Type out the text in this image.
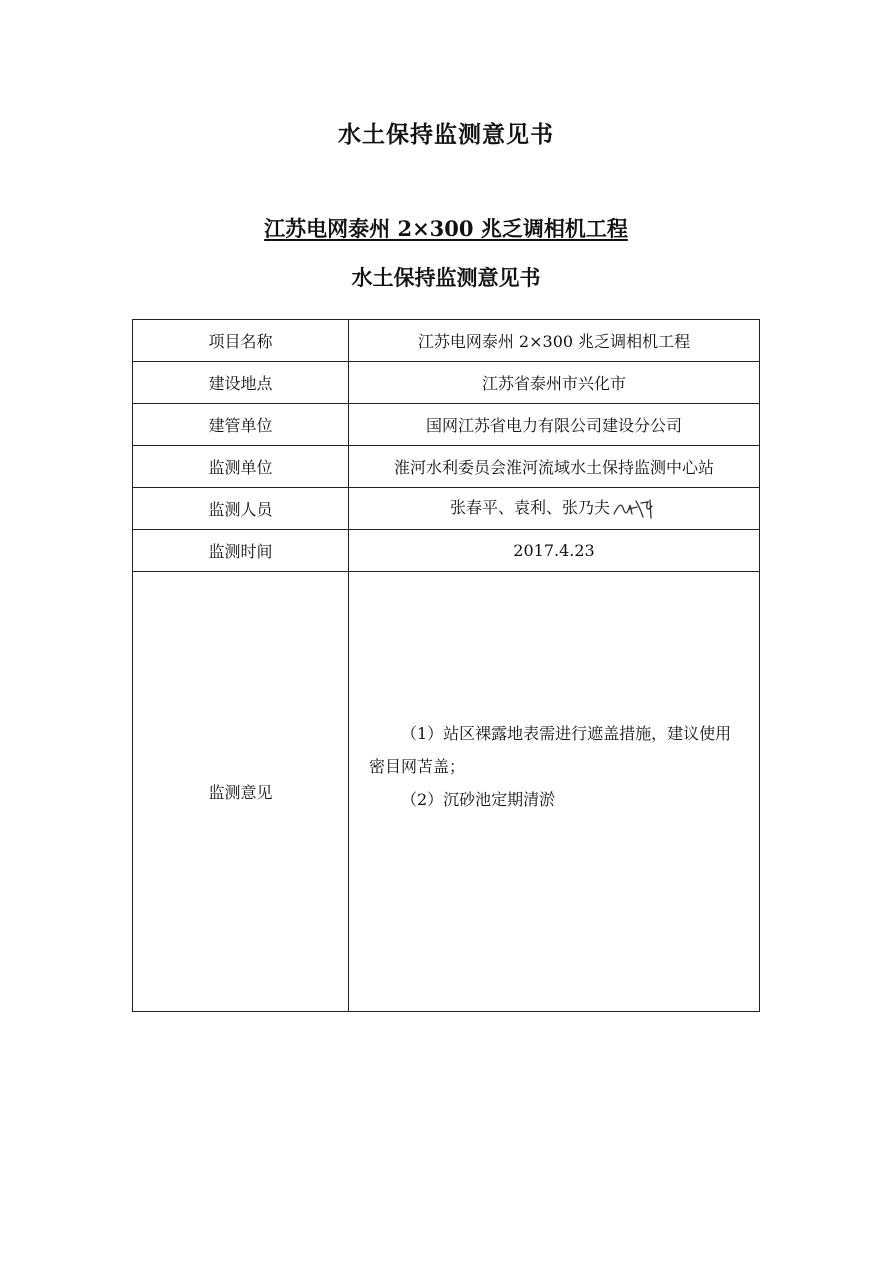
水土保持监测意见书
江苏电网泰州 2×300 兆乏调相机工程
水土保持监测意见书
项目名称	江苏电网泰州 2×300 兆乏调相机工程
建设地点	江苏省泰州市兴化市
建管单位	国网江苏省电力有限公司建设分公司
监测单位	淮河水利委员会淮河流域水土保持监测中心站
监测人员	张春平、袁利、张乃夫
监测时间	2017.4.23
监测意见	（1）站区裸露地表需进行遮盖措施，建议使用密目网苫盖；
（2）沉砂池定期清淤
